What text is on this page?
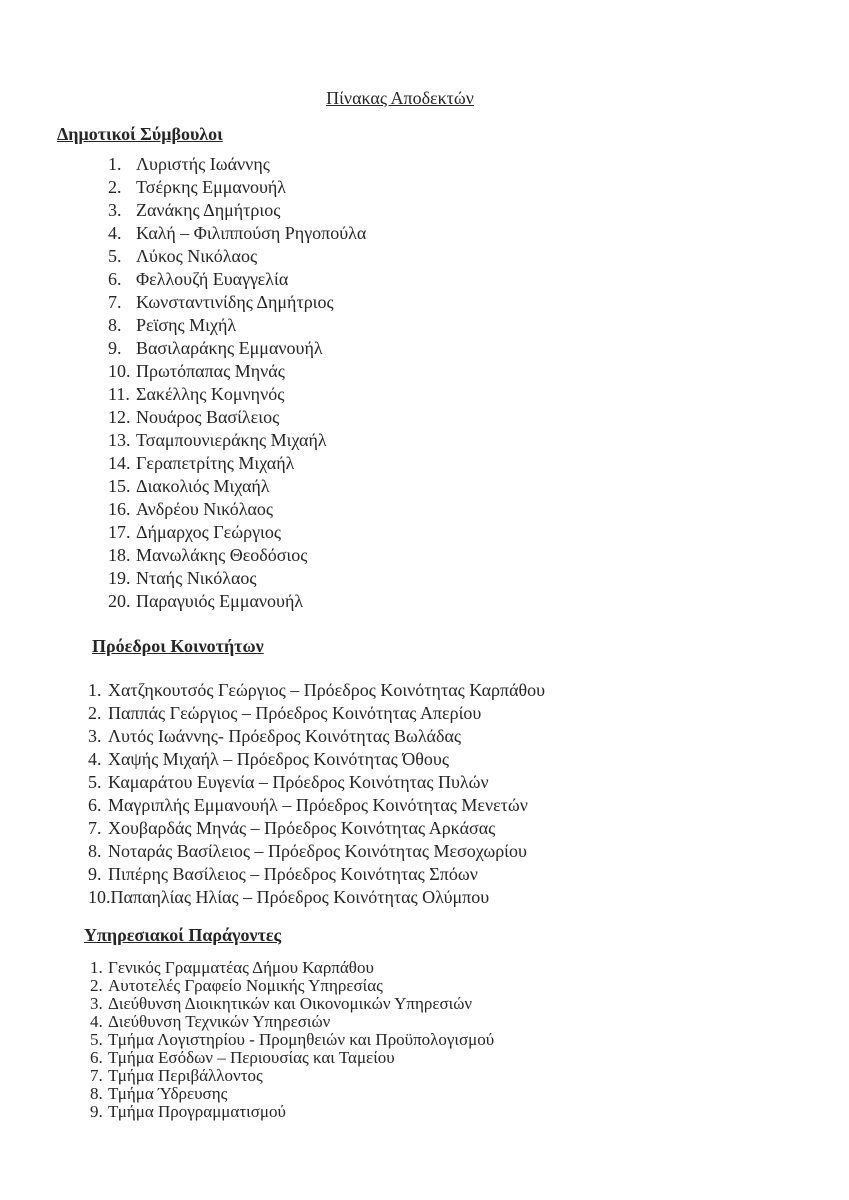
Πίνακας Αποδεκτών
Δημοτικοί Σύμβουλοι
1. Λυριστής Ιωάννης
2. Τσέρκης Εμμανουήλ
3. Ζανάκης Δημήτριος
4. Καλή – Φιλιππούση Ρηγοπούλα
5. Λύκος Νικόλαος
6. Φελλουζή Ευαγγελία
7. Κωνσταντινίδης Δημήτριος
8. Ρεϊσης Μιχήλ
9. Βασιλαράκης Εμμανουήλ
10. Πρωτόπαπας Μηνάς
11. Σακέλλης Κομνηνός
12. Νουάρος Βασίλειος
13. Τσαμπουνιεράκης Μιχαήλ
14. Γεραπετρίτης Μιχαήλ
15. Διακολιός Μιχαήλ
16. Ανδρέου Νικόλαος
17. Δήμαρχος Γεώργιος
18. Μανωλάκης Θεοδόσιος
19. Νταής Νικόλαος
20. Παραγυιός Εμμανουήλ
Πρόεδροι Κοινοτήτων
1. Χατζηκουτσός Γεώργιος – Πρόεδρος Κοινότητας Καρπάθου
2. Παππάς Γεώργιος – Πρόεδρος Κοινότητας Απερίου
3. Λυτός Ιωάννης- Πρόεδρος Κοινότητας Βωλάδας
4. Χαψής Μιχαήλ – Πρόεδρος Κοινότητας Όθους
5. Καμαράτου Ευγενία – Πρόεδρος Κοινότητας Πυλών
6. Μαγριπλής Εμμανουήλ – Πρόεδρος Κοινότητας Μενετών
7. Χουβαρδάς Μηνάς – Πρόεδρος Κοινότητας Αρκάσας
8. Νοταράς Βασίλειος – Πρόεδρος Κοινότητας Μεσοχωρίου
9. Πιπέρης Βασίλειος – Πρόεδρος Κοινότητας Σπόων
10. Παπαηλίας Ηλίας – Πρόεδρος Κοινότητας Ολύμπου
Υπηρεσιακοί Παράγοντες
1. Γενικός Γραμματέας Δήμου Καρπάθου
2. Αυτοτελές Γραφείο Νομικής Υπηρεσίας
3. Διεύθυνση Διοικητικών και Οικονομικών Υπηρεσιών
4. Διεύθυνση Τεχνικών Υπηρεσιών
5. Τμήμα Λογιστηρίου - Προμηθειών και Προϋπολογισμού
6. Τμήμα Εσόδων – Περιουσίας και Ταμείου
7. Τμήμα Περιβάλλοντος
8. Τμήμα Ύδρευσης
9. Τμήμα Προγραμματισμού
